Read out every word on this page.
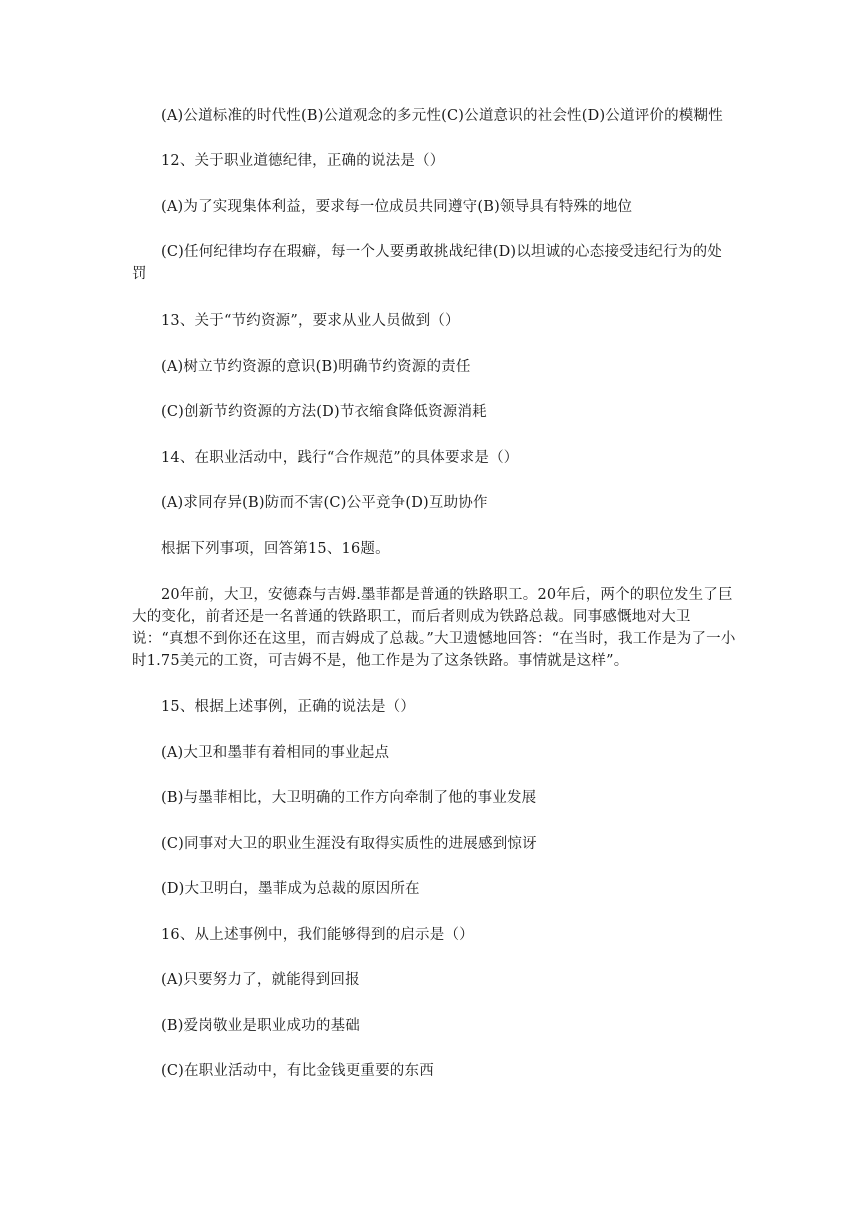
(A)公道标准的时代性(B)公道观念的多元性(C)公道意识的社会性(D)公道评价的模糊性

12、关于职业道德纪律，正确的说法是（）

(A)为了实现集体利益，要求每一位成员共同遵守(B)领导具有特殊的地位

(C)任何纪律均存在瑕癖，每一个人要勇敢挑战纪律(D)以坦诚的心态接受违纪行为的处罚

13、关于“节约资源”，要求从业人员做到（）

(A)树立节约资源的意识(B)明确节约资源的责任

(C)创新节约资源的方法(D)节衣缩食降低资源消耗

14、在职业活动中，践行“合作规范”的具体要求是（）

(A)求同存异(B)防而不害(C)公平竞争(D)互助协作

根据下列事项，回答第15、16题。

20年前，大卫，安德森与吉姆.墨菲都是普通的铁路职工。20年后，两个的职位发生了巨大的变化，前者还是一名普通的铁路职工，而后者则成为铁路总裁。同事感慨地对大卫说：“真想不到你还在这里，而吉姆成了总裁。”大卫遗憾地回答：“在当时，我工作是为了一小时1.75美元的工资，可吉姆不是，他工作是为了这条铁路。事情就是这样”。

15、根据上述事例，正确的说法是（）

(A)大卫和墨菲有着相同的事业起点

(B)与墨菲相比，大卫明确的工作方向牵制了他的事业发展

(C)同事对大卫的职业生涯没有取得实质性的进展感到惊讶

(D)大卫明白，墨菲成为总裁的原因所在

16、从上述事例中，我们能够得到的启示是（）

(A)只要努力了，就能得到回报

(B)爱岗敬业是职业成功的基础

(C)在职业活动中，有比金钱更重要的东西
